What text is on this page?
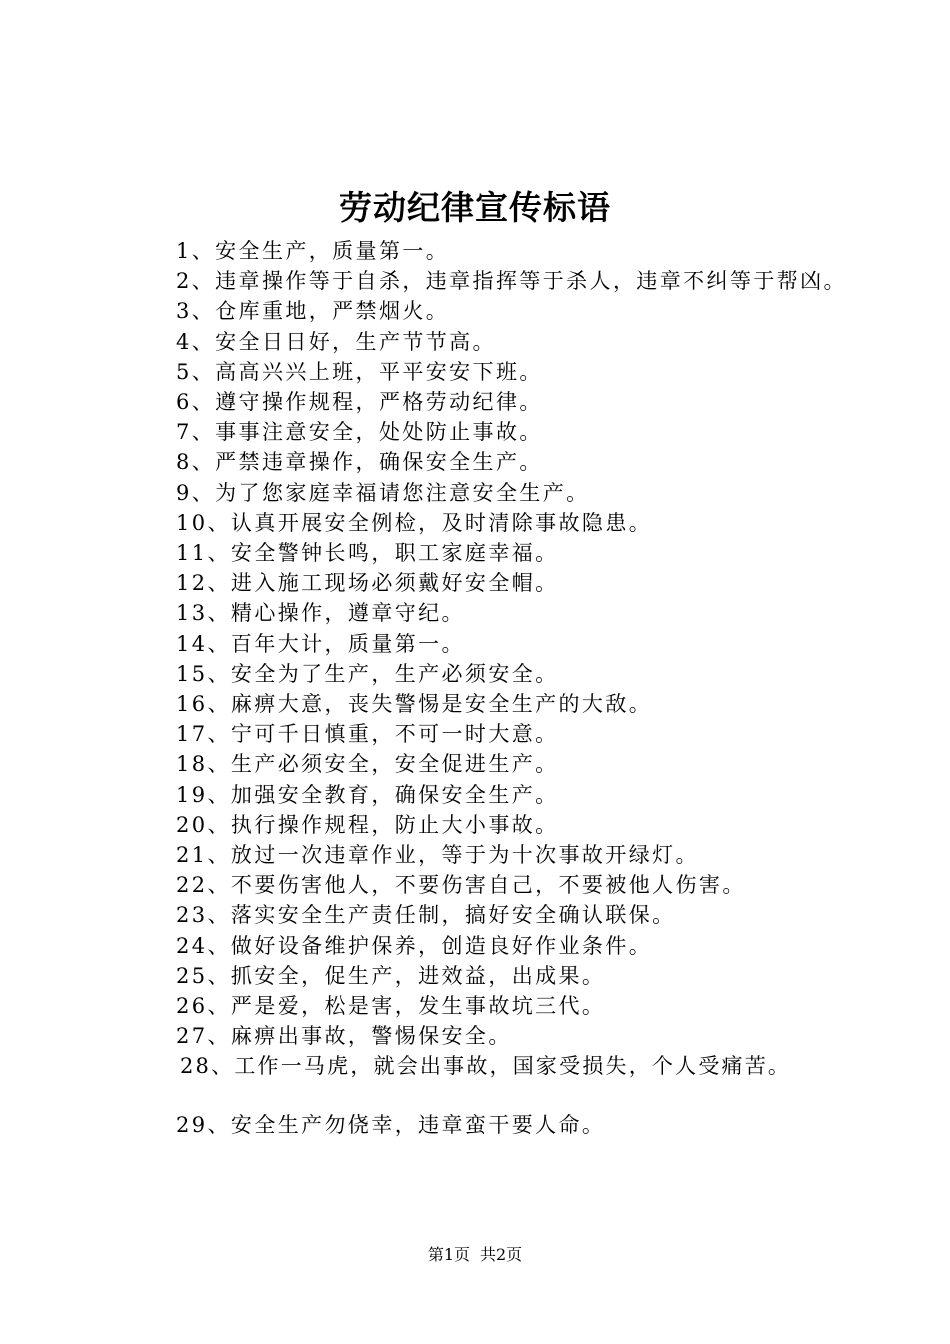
劳动纪律宣传标语
1、安全生产，质量第一。
2、违章操作等于自杀，违章指挥等于杀人，违章不纠等于帮凶。
3、仓库重地，严禁烟火。
4、安全日日好，生产节节高。
5、高高兴兴上班，平平安安下班。
6、遵守操作规程，严格劳动纪律。
7、事事注意安全，处处防止事故。
8、严禁违章操作，确保安全生产。
9、为了您家庭幸福请您注意安全生产。
10、认真开展安全例检，及时清除事故隐患。
11、安全警钟长鸣，职工家庭幸福。
12、进入施工现场必须戴好安全帽。
13、精心操作，遵章守纪。
14、百年大计，质量第一。
15、安全为了生产，生产必须安全。
16、麻痹大意，丧失警惕是安全生产的大敌。
17、宁可千日慎重，不可一时大意。
18、生产必须安全，安全促进生产。
19、加强安全教育，确保安全生产。
20、执行操作规程，防止大小事故。
21、放过一次违章作业，等于为十次事故开绿灯。
22、不要伤害他人，不要伤害自己，不要被他人伤害。
23、落实安全生产责任制，搞好安全确认联保。
24、做好设备维护保养，创造良好作业条件。
25、抓安全，促生产，进效益，出成果。
26、严是爱，松是害，发生事故坑三代。
27、麻痹出事故，警惕保安全。
28、工作一马虎，就会出事故，国家受损失，个人受痛苦。
29、安全生产勿侥幸，违章蛮干要人命。
第1页 共2页
